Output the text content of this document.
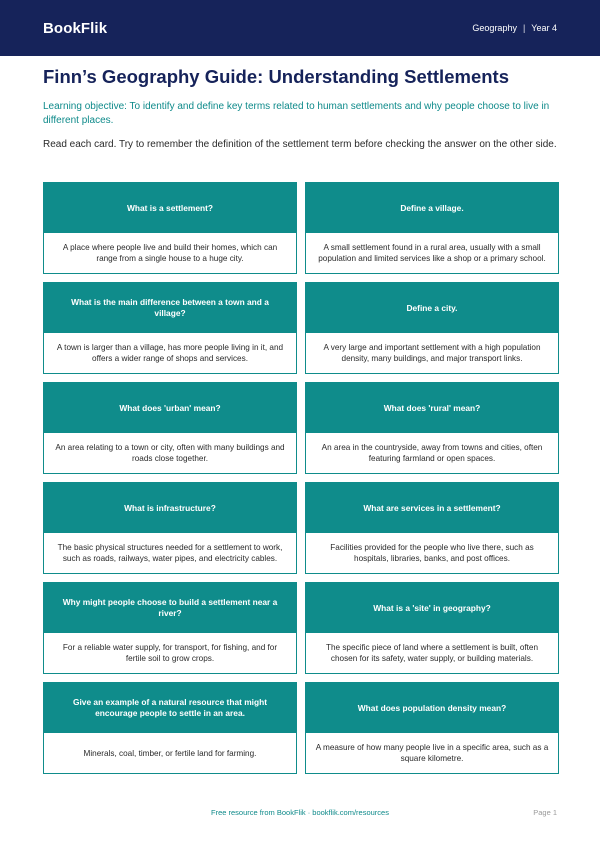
BookFlik	Geography | Year 4
Finn’s Geography Guide: Understanding Settlements

Learning objective: To identify and define key terms related to human settlements and why people choose to live in different places.

Read each card. Try to remember the definition of the settlement term before checking the answer on the other side.

What is a settlement?
A place where people live and build their homes, which can range from a single house to a huge city.
Define a village.
A small settlement found in a rural area, usually with a small population and limited services like a shop or a primary school.
What is the main difference between a town and a village?
A town is larger than a village, has more people living in it, and offers a wider range of shops and services.
Define a city.
A very large and important settlement with a high population density, many buildings, and major transport links.
What does 'urban' mean?
An area relating to a town or city, often with many buildings and roads close together.
What does 'rural' mean?
An area in the countryside, away from towns and cities, often featuring farmland or open spaces.
What is infrastructure?
The basic physical structures needed for a settlement to work, such as roads, railways, water pipes, and electricity cables.
What are services in a settlement?
Facilities provided for the people who live there, such as hospitals, libraries, banks, and post offices.
Why might people choose to build a settlement near a river?
For a reliable water supply, for transport, for fishing, and for fertile soil to grow crops.
What is a 'site' in geography?
The specific piece of land where a settlement is built, often chosen for its safety, water supply, or building materials.
Give an example of a natural resource that might encourage people to settle in an area.
Minerals, coal, timber, or fertile land for farming.
What does population density mean?
A measure of how many people live in a specific area, such as a square kilometre.
Free resource from BookFlik · bookflik.com/resources	Page 1
